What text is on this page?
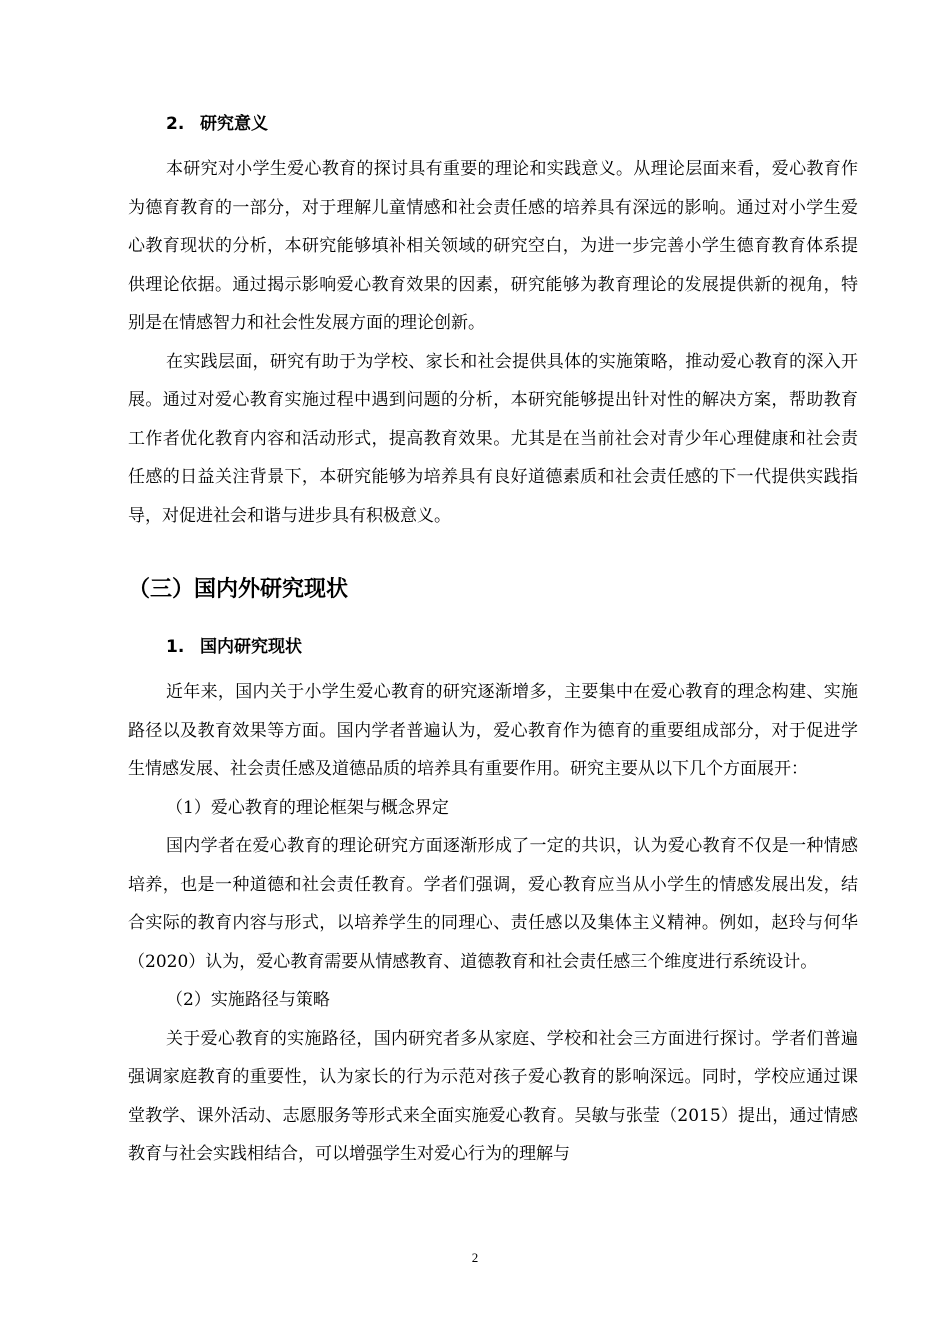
2. 研究意义

本研究对小学生爱心教育的探讨具有重要的理论和实践意义。从理论层面来看，爱心教育作为德育教育的一部分，对于理解儿童情感和社会责任感的培养具有深远的影响。通过对小学生爱心教育现状的分析，本研究能够填补相关领域的研究空白，为进一步完善小学生德育教育体系提供理论依据。通过揭示影响爱心教育效果的因素，研究能够为教育理论的发展提供新的视角，特别是在情感智力和社会性发展方面的理论创新。

在实践层面，研究有助于为学校、家长和社会提供具体的实施策略，推动爱心教育的深入开展。通过对爱心教育实施过程中遇到问题的分析，本研究能够提出针对性的解决方案，帮助教育工作者优化教育内容和活动形式，提高教育效果。尤其是在当前社会对青少年心理健康和社会责任感的日益关注背景下，本研究能够为培养具有良好道德素质和社会责任感的下一代提供实践指导，对促进社会和谐与进步具有积极意义。

（三）国内外研究现状
1. 国内研究现状

近年来，国内关于小学生爱心教育的研究逐渐增多，主要集中在爱心教育的理念构建、实施路径以及教育效果等方面。国内学者普遍认为，爱心教育作为德育的重要组成部分，对于促进学生情感发展、社会责任感及道德品质的培养具有重要作用。研究主要从以下几个方面展开：

（1）爱心教育的理论框架与概念界定

国内学者在爱心教育的理论研究方面逐渐形成了一定的共识，认为爱心教育不仅是一种情感培养，也是一种道德和社会责任教育。学者们强调，爱心教育应当从小学生的情感发展出发，结合实际的教育内容与形式，以培养学生的同理心、责任感以及集体主义精神。例如，赵玲与何华（2020）认为，爱心教育需要从情感教育、道德教育和社会责任感三个维度进行系统设计。

（2）实施路径与策略

关于爱心教育的实施路径，国内研究者多从家庭、学校和社会三方面进行探讨。学者们普遍强调家庭教育的重要性，认为家长的行为示范对孩子爱心教育的影响深远。同时，学校应通过课堂教学、课外活动、志愿服务等形式来全面实施爱心教育。吴敏与张莹（2015）提出，通过情感教育与社会实践相结合，可以增强学生对爱心行为的理解与

2
